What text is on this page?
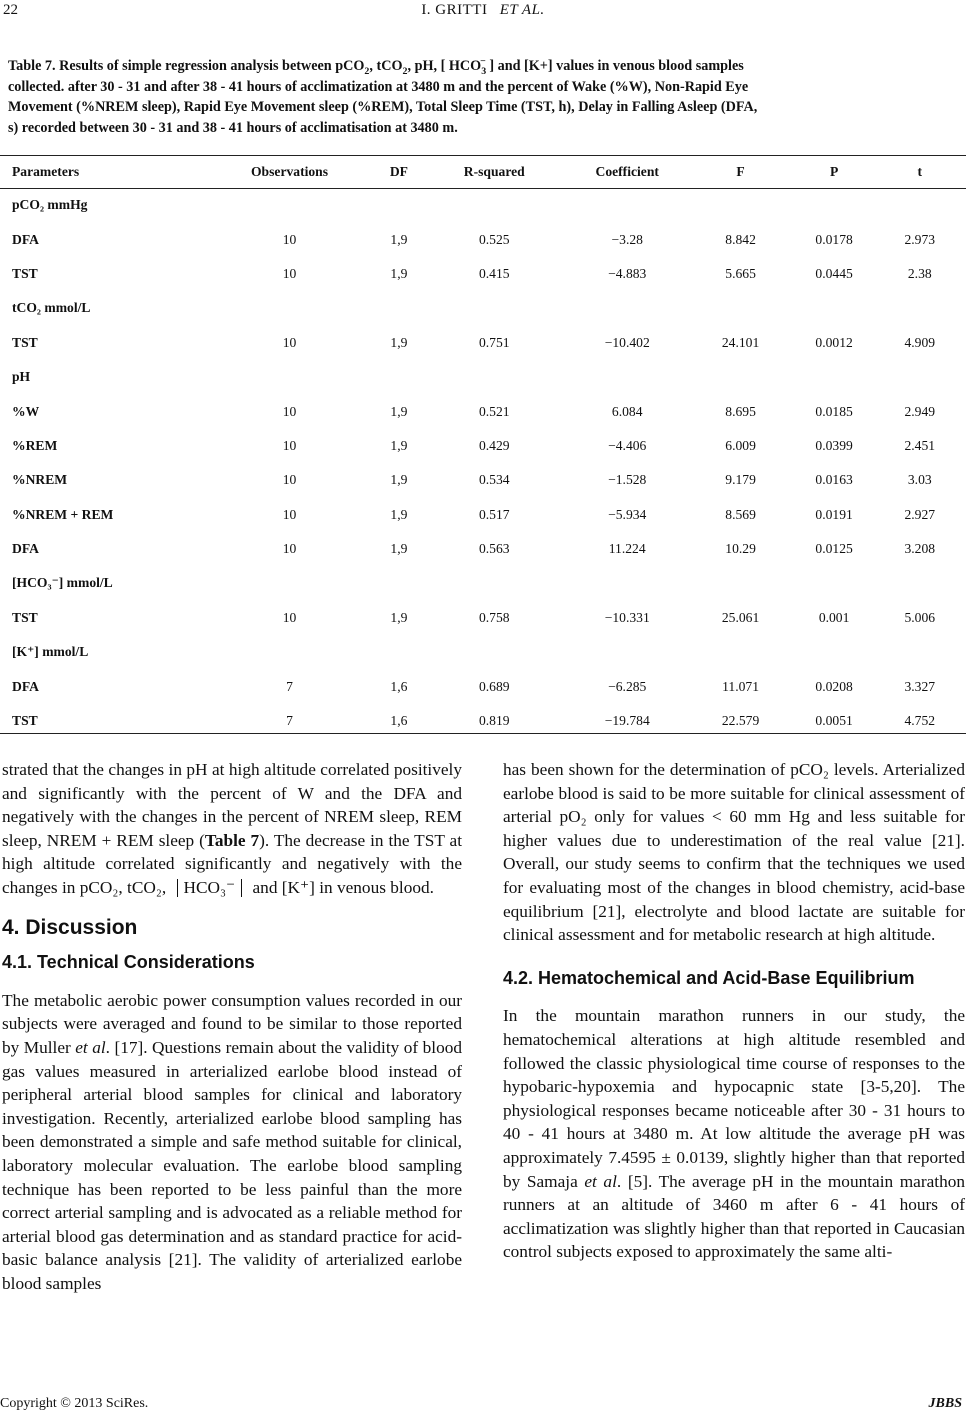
22	I. GRITTI ET AL.
Table 7. Results of simple regression analysis between pCO$_2$, tCO$_2$, pH, [ $HCO_3^-$ ] and [K+] values in venous blood samples
collected. after 30 - 31 and after 38 - 41 hours of acclimatization at 3480 m and the percent of Wake (%W), Non-Rapid Eye
Movement (%NREM sleep), Rapid Eye Movement sleep (%REM), Total Sleep Time (TST, h), Delay in Falling Asleep (DFA,
s) recorded between 30 - 31 and 38 - 41 hours of acclimatisation at 3480 m.
Parameters	Observations	DF	R-squared	Coefficient	F	P	t
pCO₂ mmHg							
DFA	10	1,9	0.525	−3.28	8.842	0.0178	2.973
TST	10	1,9	0.415	−4.883	5.665	0.0445	2.38
tCO₂ mmol/L							
TST	10	1,9	0.751	−10.402	24.101	0.0012	4.909
pH							
%W	10	1,9	0.521	6.084	8.695	0.0185	2.949
%REM	10	1,9	0.429	−4.406	6.009	0.0399	2.451
%NREM	10	1,9	0.534	−1.528	9.179	0.0163	3.03
%NREM + REM	10	1,9	0.517	−5.934	8.569	0.0191	2.927
DFA	10	1,9	0.563	11.224	10.29	0.0125	3.208
[HCO₃⁻] mmol/L							
TST	10	1,9	0.758	−10.331	25.061	0.001	5.006
[K⁺] mmol/L							
DFA	7	1,6	0.689	−6.285	11.071	0.0208	3.327
TST	7	1,6	0.819	−19.784	22.579	0.0051	4.752

strated that the changes in pH at high altitude correlated positively and significantly with the percent of W and the DFA and negatively with the changes in the percent of NREM sleep, REM sleep, NREM + REM sleep (Table 7). The decrease in the TST at high altitude correlated significantly and negatively with the changes in pCO₂, tCO₂, HCO₃⁻ and [K⁺] in venous blood.

4. Discussion
4.1. Technical Considerations

The metabolic aerobic power consumption values recorded in our subjects were averaged and found to be similar to those reported by Muller et al. [17]. Questions remain about the validity of blood gas values measured in arterialized earlobe blood instead of peripheral arterial blood samples for clinical and laboratory investigation. Recently, arterialized earlobe blood sampling has been demonstrated a simple and safe method suitable for clinical, laboratory molecular evaluation. The earlobe blood sampling technique has been reported to be less painful than the more correct arterial sampling and is advocated as a reliable method for arterial blood gas determination and as standard practice for acid-basic balance analysis [21]. The validity of arterialized earlobe blood samples

has been shown for the determination of pCO₂ levels. Arterialized earlobe blood is said to be more suitable for clinical assessment of arterial pO₂ only for values < 60 mm Hg and less suitable for higher values due to underestimation of the real value [21]. Overall, our study seems to confirm that the techniques we used for evaluating most of the changes in blood chemistry, acid-base equilibrium [21], electrolyte and blood lactate are suitable for clinical assessment and for metabolic research at high altitude.

4.2. Hematochemical and Acid-Base Equilibrium

In the mountain marathon runners in our study, the hematochemical alterations at high altitude resembled and followed the classic physiological time course of responses to the hypobaric-hypoxemia and hypocapnic state [3-5,20]. The physiological responses became noticeable after 30 - 31 hours to 40 - 41 hours at 3480 m. At low altitude the average pH was approximately 7.4595 ± 0.0139, slightly higher than that reported by Samaja et al. [5]. The average pH in the mountain marathon runners at an altitude of 3460 m after 6 - 41 hours of acclimatization was slightly higher than that reported in Caucasian control subjects exposed to approximately the same alti-

Copyright © 2013 SciRes.	JBBS
